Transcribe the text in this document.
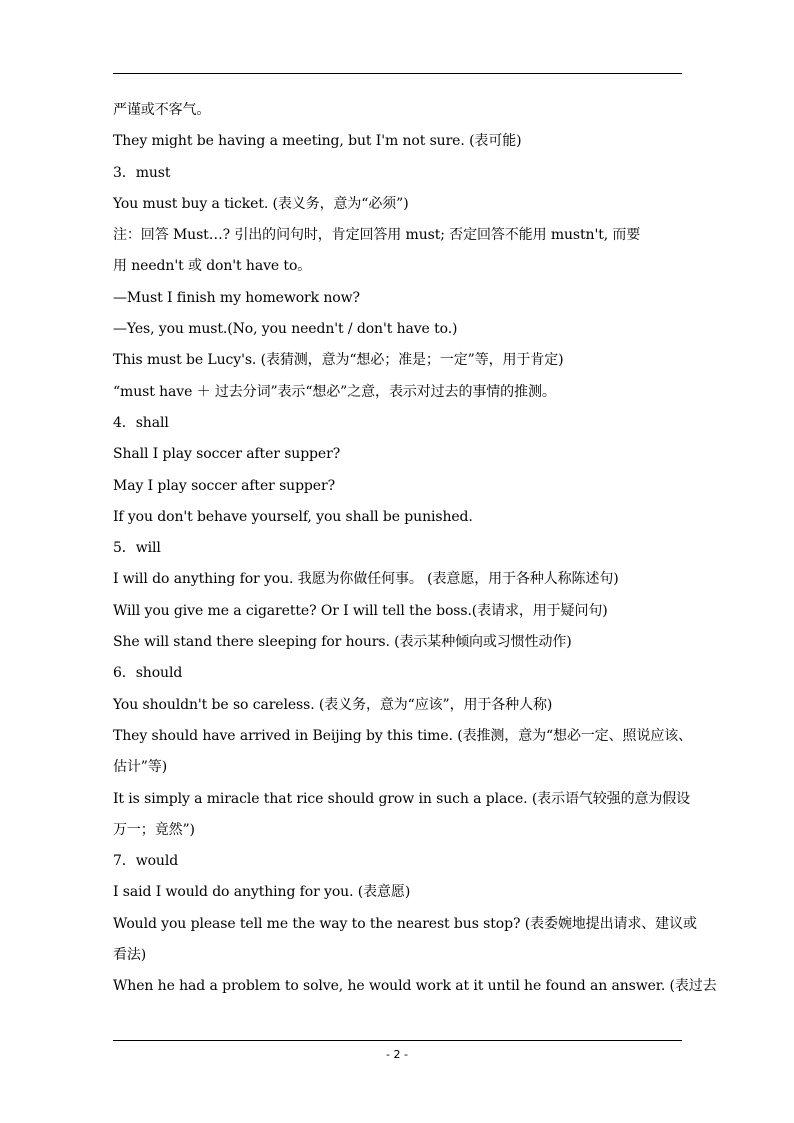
严谨或不客气。
They might be having a meeting, but I'm not sure. (表可能)
3．must
You must buy a ticket. (表义务，意为“必须”)
注：回答 Must…? 引出的问句时，肯定回答用 must; 否定回答不能用 mustn't, 而要
用 needn't 或 don't have to。
—Must I finish my homework now?
—Yes, you must.(No, you needn't / don't have to.)
This must be Lucy's. (表猜测，意为“想必；准是；一定”等，用于肯定)
“must have ＋ 过去分词”表示“想必”之意，表示对过去的事情的推测。
4．shall
Shall I play soccer after supper?
May I play soccer after supper?
If you don't behave yourself, you shall be punished.
5．will
I will do anything for you. 我愿为你做任何事。 (表意愿，用于各种人称陈述句)
Will you give me a cigarette? Or I will tell the boss.(表请求，用于疑问句)
She will stand there sleeping for hours. (表示某种倾向或习惯性动作)
6．should
You shouldn't be so careless. (表义务，意为“应该”，用于各种人称)
They should have arrived in Beijing by this time. (表推测，意为“想必一定、照说应该、
估计”等)
It is simply a miracle that rice should grow in such a place. (表示语气较强的意为假设
万一；竟然”)
7．would
I said I would do anything for you. (表意愿)
Would you please tell me the way to the nearest bus stop? (表委婉地提出请求、建议或
看法)
When he had a problem to solve, he would work at it until he found an answer. (表过去
- 2 -
